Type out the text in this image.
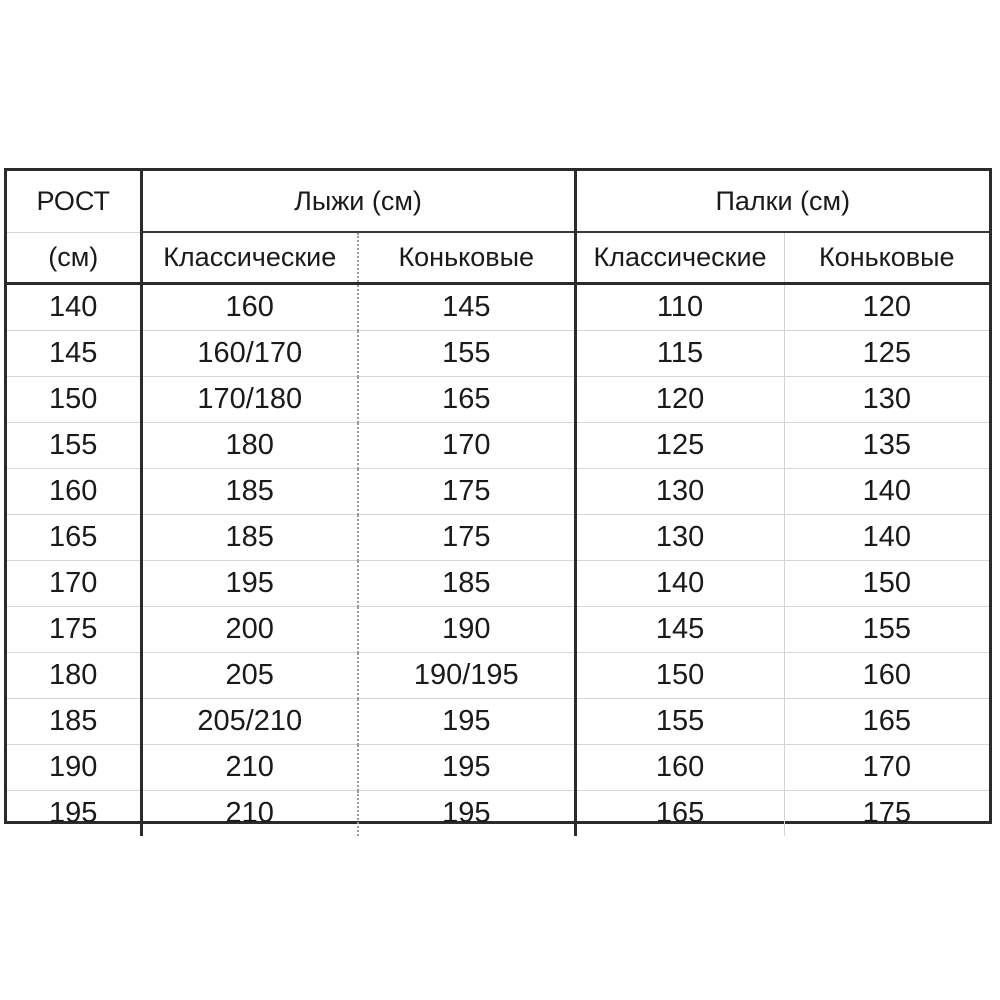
РОСТ	Лыжи (см)		Палки (см)	
(см)	Классические	Коньковые	Классические	Коньковые
140	160	145	110	120
145	160/170	155	115	125
150	170/180	165	120	130
155	180	170	125	135
160	185	175	130	140
165	185	175	130	140
170	195	185	140	150
175	200	190	145	155
180	205	190/195	150	160
185	205/210	195	155	165
190	210	195	160	170
195	210	195	165	175
